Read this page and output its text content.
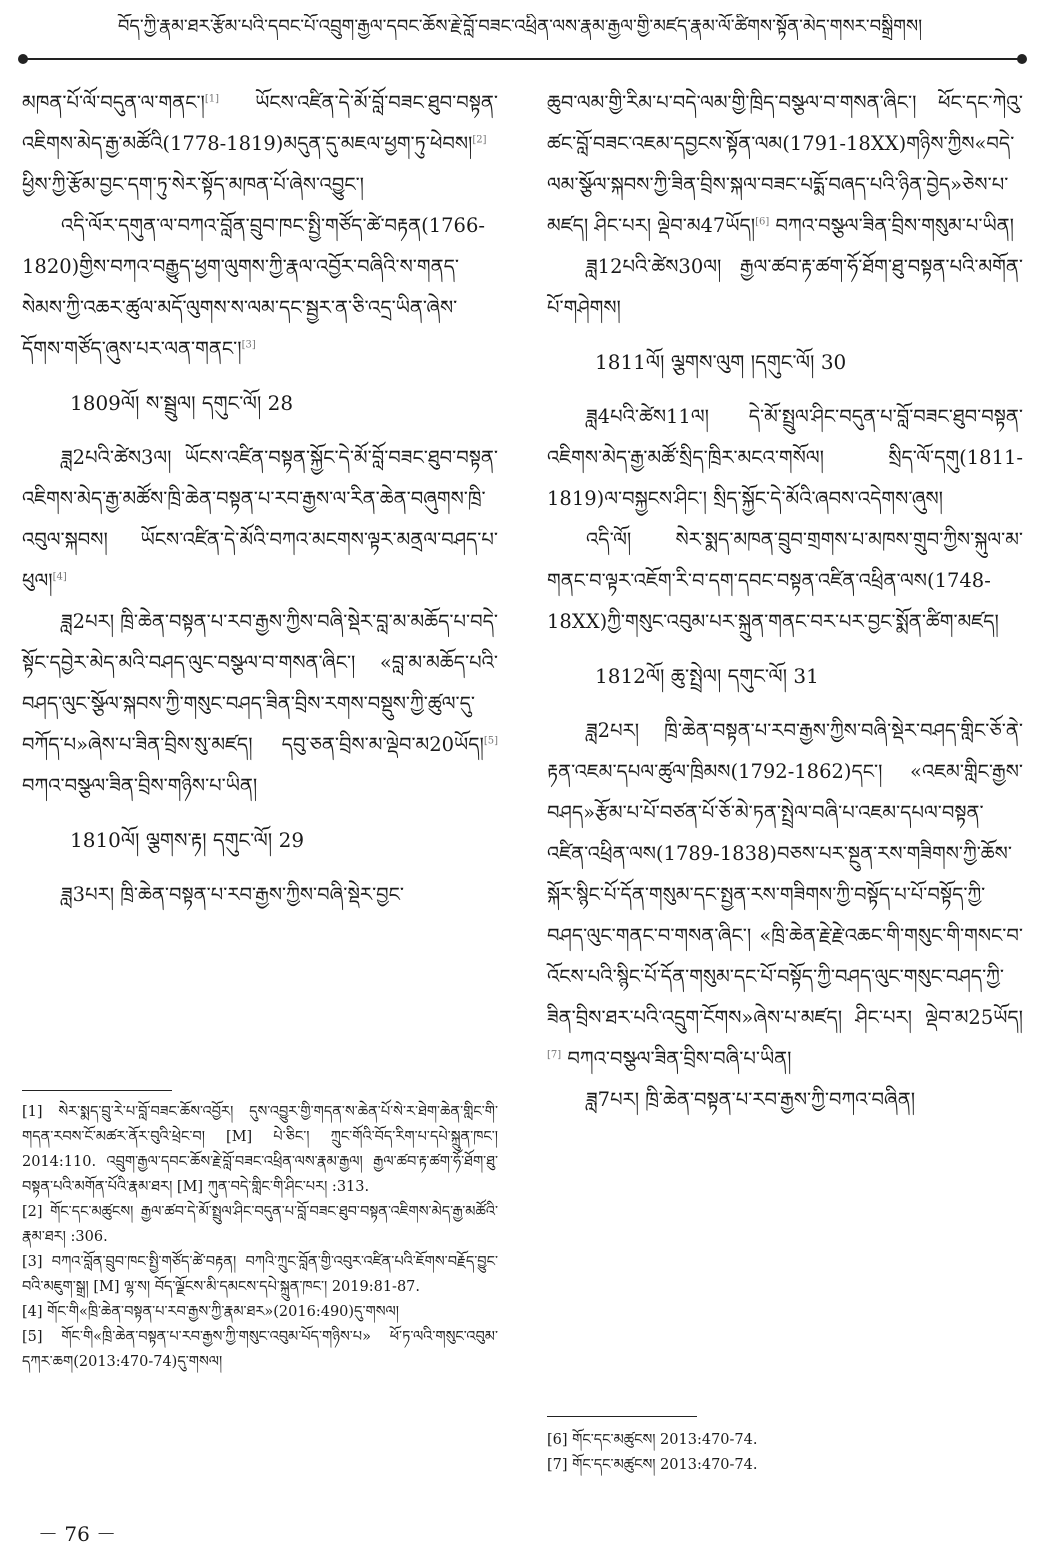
བོད་ཀྱི་རྣམ་ཐར་རྩོམ་པའི་དབང་པོ་འབྲུག་རྒྱལ་དབང་ཆོས་རྗེ་བློ་བཟང་འཕྲིན་ལས་རྣམ་རྒྱལ་གྱི་མཛད་རྣམ་ལོ་ཚིགས་སྟོན་མེད་གསར་བསྒྲིགས།

མཁན་པོ་ལོ་བདུན་ལ་གནང་།[1] ཡོངས་འཛིན་དེ་མོ་བློ་བཟང་ཐུབ་བསྟན་འཇིགས་མེད་རྒྱ་མཚོའི(1778-1819)མདུན་དུ་མཇལ་ཕྱག་ཏུ་ཕེབས།[2] ཕྱིས་ཀྱི་རྩོམ་བྱང་དག་ཏུ་སེར་སྟོད་མཁན་པོ་ཞེས་འབྱུང་།

འདི་ལོར་དགུན་ལ་བཀའ་བློན་བྲུབ་ཁང་སྤྱི་གཙོད་ཚེ་བརྟན(1766-1820)གྱིས་བཀའ་བརྒྱུད་ཕྱག་ལུགས་ཀྱི་རྣལ་འབྱོར་བཞིའི་ས་གནད་སེམས་ཀྱི་འཆར་ཚུལ་མདོ་ལུགས་ས་ལམ་དང་སྦྱར་ན་ཅི་འདྲ་ཡིན་ཞེས་དོགས་གཙོད་ཞུས་པར་ལན་གནང་།[3]

1809ལོ། ས་སྦྲུལ། དགུང་ལོ། 28

ཟླ2པའི་ཚེས3ལ། ཡོངས་འཛིན་བསྟན་སྐྱོང་དེ་མོ་བློ་བཟང་ཐུབ་བསྟན་འཇིགས་མེད་རྒྱ་མཚོས་ཁྲི་ཆེན་བསྟན་པ་རབ་རྒྱས་ལ་རིན་ཆེན་བཞུགས་ཁྲི་འབུལ་སྐབས། ཡོངས་འཛིན་དེ་མོའི་བཀའ་མངགས་ལྟར་མནྲལ་བཤད་པ་ཕུལ།[4]

ཟླ2པར། ཁྲི་ཆེན་བསྟན་པ་རབ་རྒྱས་ཀྱིས་བཞི་སྡེར་བླ་མ་མཆོད་པ་བདེ་སྟོང་དབྱེར་མེད་མའི་བཤད་ལུང་བསྩལ་བ་གསན་ཞིང་། «བླ་མ་མཆོད་པའི་བཤད་ལུང་སྩོལ་སྐབས་ཀྱི་གསུང་བཤད་ཟིན་བྲིས་རགས་བསྡུས་ཀྱི་ཚུལ་དུ་བཀོད་པ»ཞེས་པ་ཟིན་བྲིས་སུ་མཛད། དབུ་ཅན་བྲིས་མ་ལྡེབ་མ20ཡོད།[5] བཀའ་བསྩལ་ཟིན་བྲིས་གཉིས་པ་ཡིན།

1810ལོ། ལྕགས་རྟ། དགུང་ལོ། 29

ཟླ3པར། ཁྲི་ཆེན་བསྟན་པ་རབ་རྒྱས་ཀྱིས་བཞི་སྡེར་བྱང་

[1] སེར་སྨད་བྲུ་རེ་པ་བློ་བཟང་ཆོས་འབྱོར། དུས་འབྱུར་གྱི་གདན་ས་ཆེན་པོ་སེ་ར་ཐེག་ཆེན་གླིང་གི་གདན་རབས་ངོ་མཚར་ནོར་བུའི་ཕྲེང་བ། [M] པེ་ཅིང་། ཀྲུང་གོའི་བོད་རིག་པ་དཔེ་སྐྲུན་ཁང་། 2014:110. འབྲུག་རྒྱལ་དབང་ཆོས་རྗེ་བློ་བཟང་འཕྲིན་ལས་རྣམ་རྒྱལ། རྒྱལ་ཚབ་རྟ་ཚག་ཧོ་ཐོག་ཐུ་བསྟན་པའི་མགོན་པོའི་རྣམ་ཐར། [M] ཀུན་བདེ་གླིང་གི་ཤིང་པར། :313.

[2] གོང་དང་མཚུངས། རྒྱལ་ཚབ་དེ་མོ་སྤྲུལ་ཤིང་བདུན་པ་བློ་བཟང་ཐུབ་བསྟན་འཇིགས་མེད་རྒྱ་མཚོའི་རྣམ་ཐར། :306.

[3] བཀའ་བློན་བྲུབ་ཁང་སྤྱི་གཙོད་ཚེ་བརྟན། བཀའི་ཀྲུང་བློན་གྱི་འབུར་འཛིན་པའི་ཇོགས་བརྗོད་བྱུང་བའི་མཇུག་སྒྲ། [M] ལྷ་ས། བོད་ལྗོངས་མི་དམངས་དཔེ་སྐྲུན་ཁང་། 2019:81-87.

[4] གོང་གི«ཁྲི་ཆེན་བསྟན་པ་རབ་རྒྱས་ཀྱི་རྣམ་ཐར»(2016:490)དུ་གསལ།

[5] གོང་གི«ཁྲི་ཆེན་བསྟན་པ་རབ་རྒྱས་ཀྱི་གསུང་འབུམ་པོད་གཉིས་པ» ཕོ་ཏ་ལའི་གསུང་འབུམ་དཀར་ཆག(2013:470-74)དུ་གསལ།

ཆུབ་ལམ་གྱི་རིམ་པ་བདེ་ལམ་གྱི་ཁྲིད་བསྩལ་བ་གསན་ཞིང་། ཕོང་དང་ཀེའུ་ཚང་བློ་བཟང་འཇམ་དབྱངས་སྟོན་ལམ(1791-18XX)གཉིས་ཀྱིས«བདེ་ལམ་སྩོལ་སྐབས་ཀྱི་ཟིན་བྲིས་སྐལ་བཟང་པདྨོ་བཞད་པའི་ཉིན་བྱེད»ཅེས་པ་མཛད། ཤིང་པར། ལྡེབ་མ47ཡོད།[6] བཀའ་བསྩལ་ཟིན་བྲིས་གསུམ་པ་ཡིན།

ཟླ12པའི་ཚེས30ལ། རྒྱལ་ཚབ་རྟ་ཚག་ཧོ་ཐོག་ཐུ་བསྟན་པའི་མགོན་པོ་གཤེགས།

1811ལོ། ལྕགས་ལུག །དགུང་ལོ། 30

ཟླ4པའི་ཚེས11ལ། དེ་མོ་སྤྲུལ་ཤིང་བདུན་པ་བློ་བཟང་ཐུབ་བསྟན་འཇིགས་མེད་རྒྱ་མཚོ་སྲིད་ཁྲིར་མངའ་གསོལ། སྲིད་ལོ་དགུ(1811-1819)ལ་བསྐྱངས་ཤིང་། སྲིད་སྐྱོང་དེ་མོའི་ཞབས་འདེགས་ཞུས།

འདི་ལོ། སེར་སྨད་མཁན་བྲུབ་གྲགས་པ་མཁས་གྲུབ་ཀྱིས་སྐུལ་མ་གནང་བ་ལྟར་འཇོག་རི་བ་དག་དབང་བསྟན་འཛིན་འཕྲིན་ལས(1748-18XX)ཀྱི་གསུང་འབུམ་པར་སྐྲུན་གནང་བར་པར་བྱང་སྨོན་ཚིག་མཛད།

1812ལོ། ཆུ་སྤྲེལ། དགུང་ལོ། 31

ཟླ2པར། ཁྲི་ཆེན་བསྟན་པ་རབ་རྒྱས་ཀྱིས་བཞི་སྡེར་བཤད་གླིང་ཅོ་ནེ་རྟན་འཇམ་དཔལ་ཚུལ་ཁྲིམས(1792-1862)དང་། «འཇམ་གླིང་རྒྱས་བཤད»རྩོམ་པ་པོ་བཙན་པོ་ཅོ་མེ་ཏན་སྤྲེལ་བཞི་པ་འཇམ་དཔལ་བསྟན་འཛིན་འཕྲིན་ལས(1789-1838)བཅས་པར་སྔུན་རས་གཟིགས་ཀྱི་ཆོས་སྐོར་སྙིང་པོ་དོན་གསུམ་དང་སྤྱན་རས་གཟིགས་ཀྱི་བསྟོད་པ་པོ་བསྟོད་ཀྱི་བཤད་ལུང་གནང་བ་གསན་ཞིང་། «ཁྲི་ཆེན་རྗེ་རྗེ་འཆང་གི་གསུང་གི་གསང་བ་འོངས་པའི་སྙིང་པོ་དོན་གསུམ་དང་པོ་བསྟོད་ཀྱི་བཤད་ལུང་གསུང་བཤད་ཀྱི་ཟིན་བྲིས་ཐར་པའི་འདྲུག་ངོགས»ཞེས་པ་མཛད། ཤིང་པར། ལྡེབ་མ25ཡོད།[7] བཀའ་བསྩལ་ཟིན་བྲིས་བཞི་པ་ཡིན།

ཟླ7པར། ཁྲི་ཆེན་བསྟན་པ་རབ་རྒྱས་ཀྱི་བཀའ་བཞིན།

[6] གོང་དང་མཚུངས། 2013:470-74.

[7] གོང་དང་མཚུངས། 2013:470-74.

－ 76 －
